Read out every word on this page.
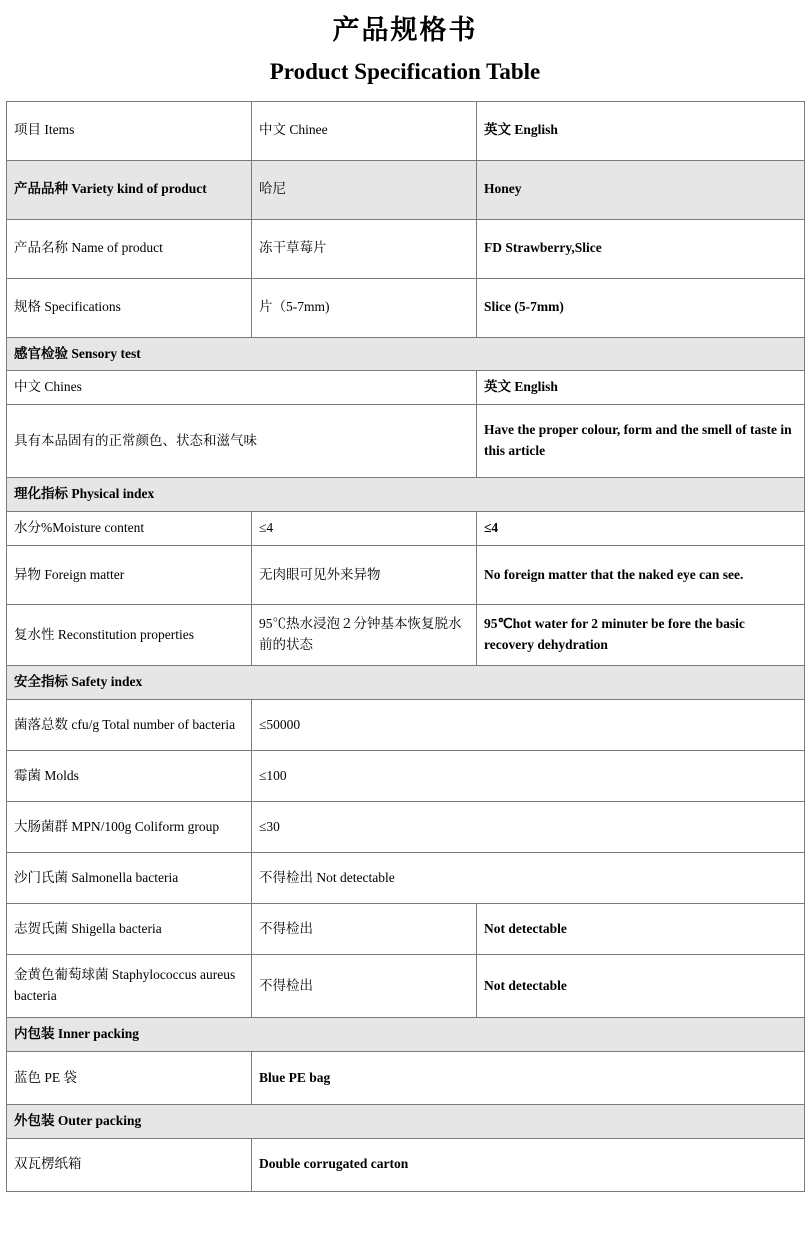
产品规格书
Product Specification Table
项目 Items	中文 Chinee	英文 English
产品品种 Variety kind of product	哈尼	Honey
产品名称 Name of product	冻干草莓片	FD Strawberry,Slice
规格 Specifications	片（5-7mm)	Slice (5-7mm)
感官检验 Sensory test		
中文 Chines		英文 English
具有本品固有的正常颜色、状态和滋气味		Have the proper colour, form and the smell of taste in this article
理化指标 Physical index		
水分%Moisture content	≤4	≤4
异物 Foreign matter	无肉眼可见外来异物	No foreign matter that the naked eye can see.
复水性 Reconstitution properties	95℃热水浸泡２分钟基本恢复脱水前的状态	95℃hot water for 2 minuter be fore the basic recovery dehydration
安全指标 Safety index		
菌落总数 cfu/g Total number of bacteria	≤50000	
霉菌 Molds	≤100	
大肠菌群 MPN/100g Coliform group	≤30	
沙门氏菌 Salmonella bacteria	不得检出 Not detectable	
志贺氏菌 Shigella bacteria	不得检出	Not detectable
金黄色葡萄球菌 Staphylococcus aureus bacteria	不得检出	Not detectable
内包装 Inner packing		
蓝色 PE 袋	Blue PE bag	
外包装 Outer packing		
双瓦楞纸箱	Double corrugated carton	
